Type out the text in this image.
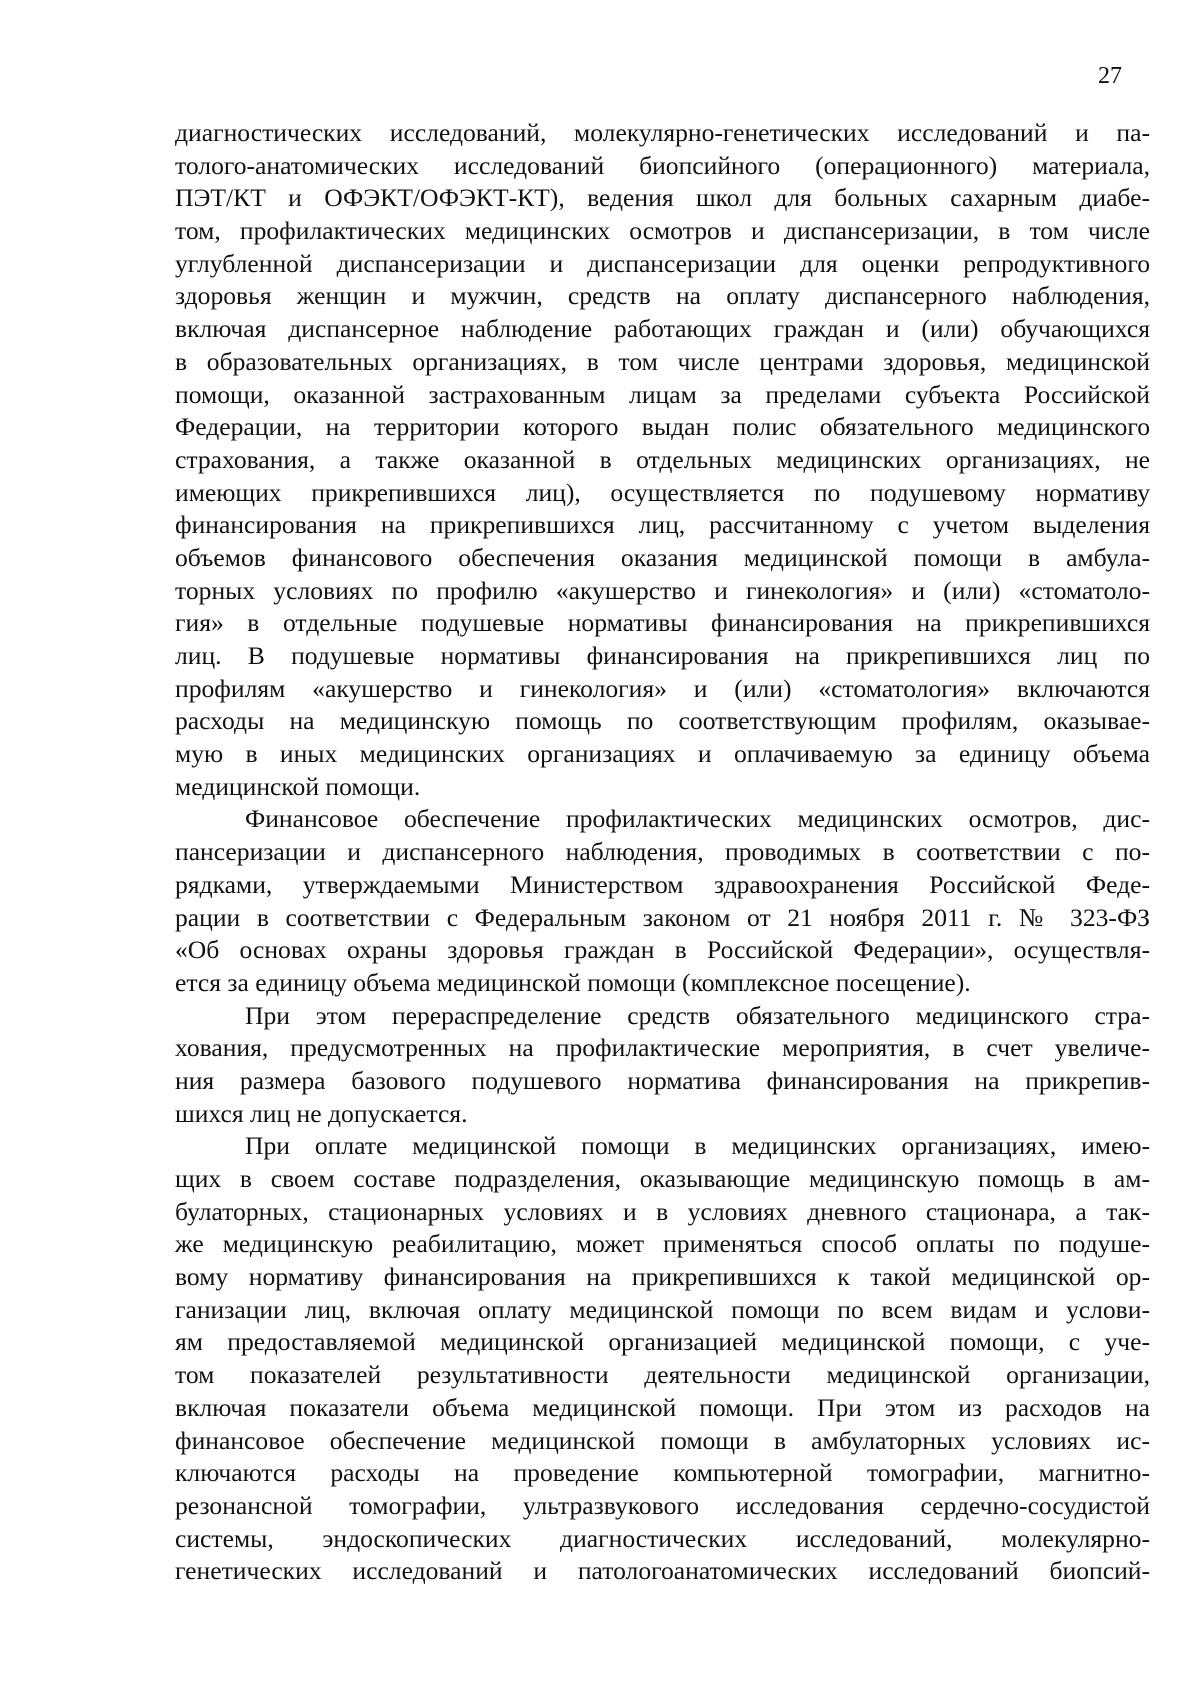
27
диагностических исследований, молекулярно-генетических исследований и па-
толого-анатомических исследований биопсийного (операционного) материала,
ПЭТ/КТ и ОФЭКТ/ОФЭКТ-КТ), ведения школ для больных сахарным диабе-
том, профилактических медицинских осмотров и диспансеризации, в том числе
углубленной диспансеризации и диспансеризации для оценки репродуктивного
здоровья женщин и мужчин, средств на оплату диспансерного наблюдения,
включая диспансерное наблюдение работающих граждан и (или) обучающихся
в образовательных организациях, в том числе центрами здоровья, медицинской
помощи, оказанной застрахованным лицам за пределами субъекта Российской
Федерации, на территории которого выдан полис обязательного медицинского
страхования, а также оказанной в отдельных медицинских организациях, не
имеющих прикрепившихся лиц), осуществляется по подушевому нормативу
финансирования на прикрепившихся лиц, рассчитанному с учетом выделения
объемов финансового обеспечения оказания медицинской помощи в амбула-
торных условиях по профилю «акушерство и гинекология» и (или) «стоматоло-
гия» в отдельные подушевые нормативы финансирования на прикрепившихся
лиц. В подушевые нормативы финансирования на прикрепившихся лиц по
профилям «акушерство и гинекология» и (или) «стоматология» включаются
расходы на медицинскую помощь по соответствующим профилям, оказывае-
мую в иных медицинских организациях и оплачиваемую за единицу объема
медицинской помощи.
Финансовое обеспечение профилактических медицинских осмотров, дис-
пансеризации и диспансерного наблюдения, проводимых в соответствии с по-
рядками, утверждаемыми Министерством здравоохранения Российской Феде-
рации в соответствии с Федеральным законом от 21 ноября 2011 г. № 323-ФЗ
«Об основах охраны здоровья граждан в Российской Федерации», осуществля-
ется за единицу объема медицинской помощи (комплексное посещение).
При этом перераспределение средств обязательного медицинского стра-
хования, предусмотренных на профилактические мероприятия, в счет увеличе-
ния размера базового подушевого норматива финансирования на прикрепив-
шихся лиц не допускается.
При оплате медицинской помощи в медицинских организациях, имею-
щих в своем составе подразделения, оказывающие медицинскую помощь в ам-
булаторных, стационарных условиях и в условиях дневного стационара, а так-
же медицинскую реабилитацию, может применяться способ оплаты по подуше-
вому нормативу финансирования на прикрепившихся к такой медицинской ор-
ганизации лиц, включая оплату медицинской помощи по всем видам и услови-
ям предоставляемой медицинской организацией медицинской помощи, с уче-
том показателей результативности деятельности медицинской организации,
включая показатели объема медицинской помощи. При этом из расходов на
финансовое обеспечение медицинской помощи в амбулаторных условиях ис-
ключаются расходы на проведение компьютерной томографии, магнитно-
резонансной томографии, ультразвукового исследования сердечно-сосудистой
системы, эндоскопических диагностических исследований, молекулярно-
генетических исследований и патологоанатомических исследований биопсий-
